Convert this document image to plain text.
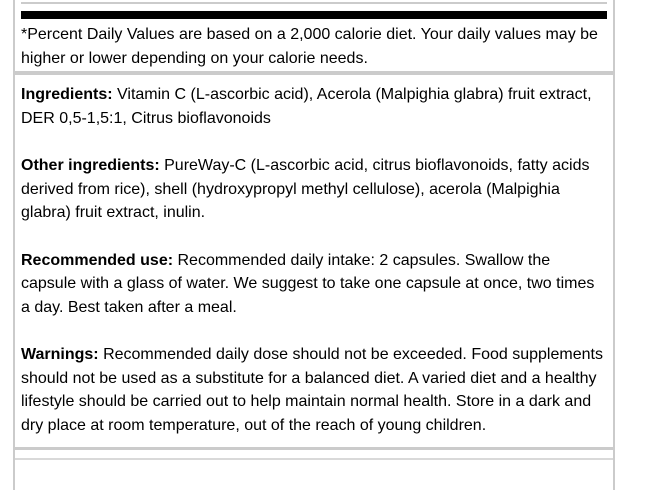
*Percent Daily Values are based on a 2,000 calorie diet. Your daily values may be higher or lower depending on your calorie needs.

Ingredients: Vitamin C (L-ascorbic acid), Acerola (Malpighia glabra) fruit extract, DER 0,5-1,5:1, Citrus bioflavonoids

Other ingredients: PureWay-C (L-ascorbic acid, citrus bioflavonoids, fatty acids derived from rice), shell (hydroxypropyl methyl cellulose), acerola (Malpighia glabra) fruit extract, inulin.

Recommended use: Recommended daily intake: 2 capsules. Swallow the capsule with a glass of water. We suggest to take one capsule at once, two times a day. Best taken after a meal.

Warnings: Recommended daily dose should not be exceeded. Food supplements should not be used as a substitute for a balanced diet. A varied diet and a healthy lifestyle should be carried out to help maintain normal health. Store in a dark and dry place at room temperature, out of the reach of young children.
